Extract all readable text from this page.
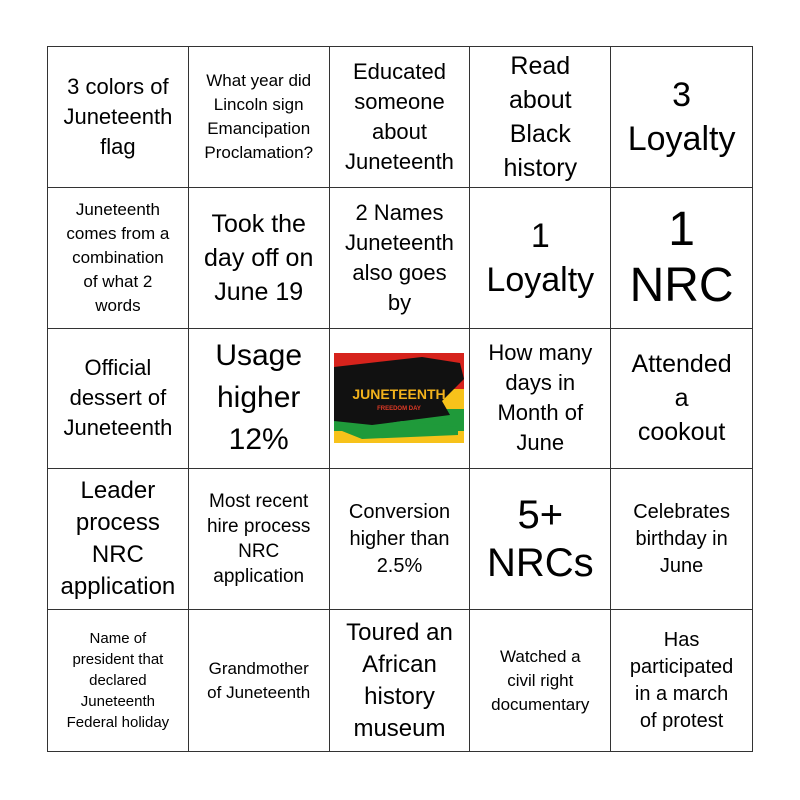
3 colors of
Juneteenth
flag
What year did
Lincoln sign
Emancipation
Proclamation?
Educated
someone
about
Juneteenth
Read
about
Black
history
3
Loyalty
Juneteenth
comes from a
combination
of what 2
words
Took the
day off on
June 19
2 Names
Juneteenth
also goes
by
1
Loyalty
1
NRC
Official
dessert of
Juneteenth
Usage
higher
12%
JUNETEENTH
FREEDOM DAY
How many
days in
Month of
June
Attended
a
cookout
Leader
process
NRC
application
Most recent
hire process
NRC
application
Conversion
higher than
2.5%
5+
NRCs
Celebrates
birthday in
June
Name of
president that
declared
Juneteenth
Federal holiday
Grandmother
of Juneteenth
Toured an
African
history
museum
Watched a
civil right
documentary
Has
participated
in a march
of protest
